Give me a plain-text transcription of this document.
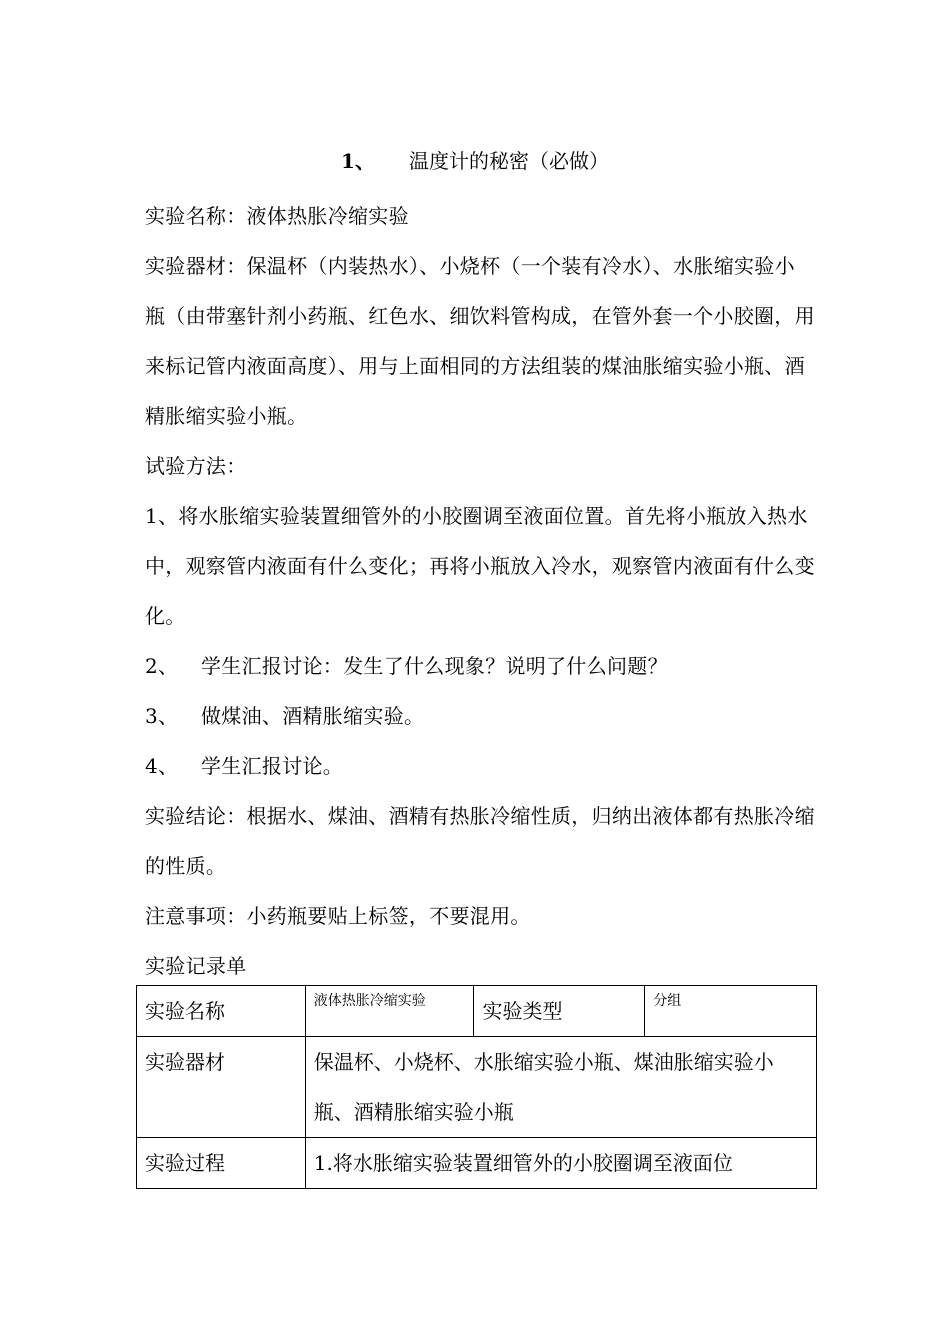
1、 温度计的秘密（必做）

实验名称：液体热胀冷缩实验

实验器材：保温杯（内装热水）、小烧杯（一个装有冷水）、水胀缩实验小瓶（由带塞针剂小药瓶、红色水、细饮料管构成，在管外套一个小胶圈，用来标记管内液面高度）、用与上面相同的方法组装的煤油胀缩实验小瓶、酒精胀缩实验小瓶。

试验方法：

1、将水胀缩实验装置细管外的小胶圈调至液面位置。首先将小瓶放入热水中，观察管内液面有什么变化；再将小瓶放入冷水，观察管内液面有什么变化。

2、 学生汇报讨论：发生了什么现象？说明了什么问题？

3、 做煤油、酒精胀缩实验。

4、 学生汇报讨论。

实验结论：根据水、煤油、酒精有热胀冷缩性质，归纳出液体都有热胀冷缩的性质。

注意事项：小药瓶要贴上标签，不要混用。

实验记录单

实验名称	液体热胀冷缩实验	实验类型	分组
实验器材	保温杯、小烧杯、水胀缩实验小瓶、煤油胀缩实验小瓶、酒精胀缩实验小瓶		
实验过程	1.将水胀缩实验装置细管外的小胶圈调至液面位		
